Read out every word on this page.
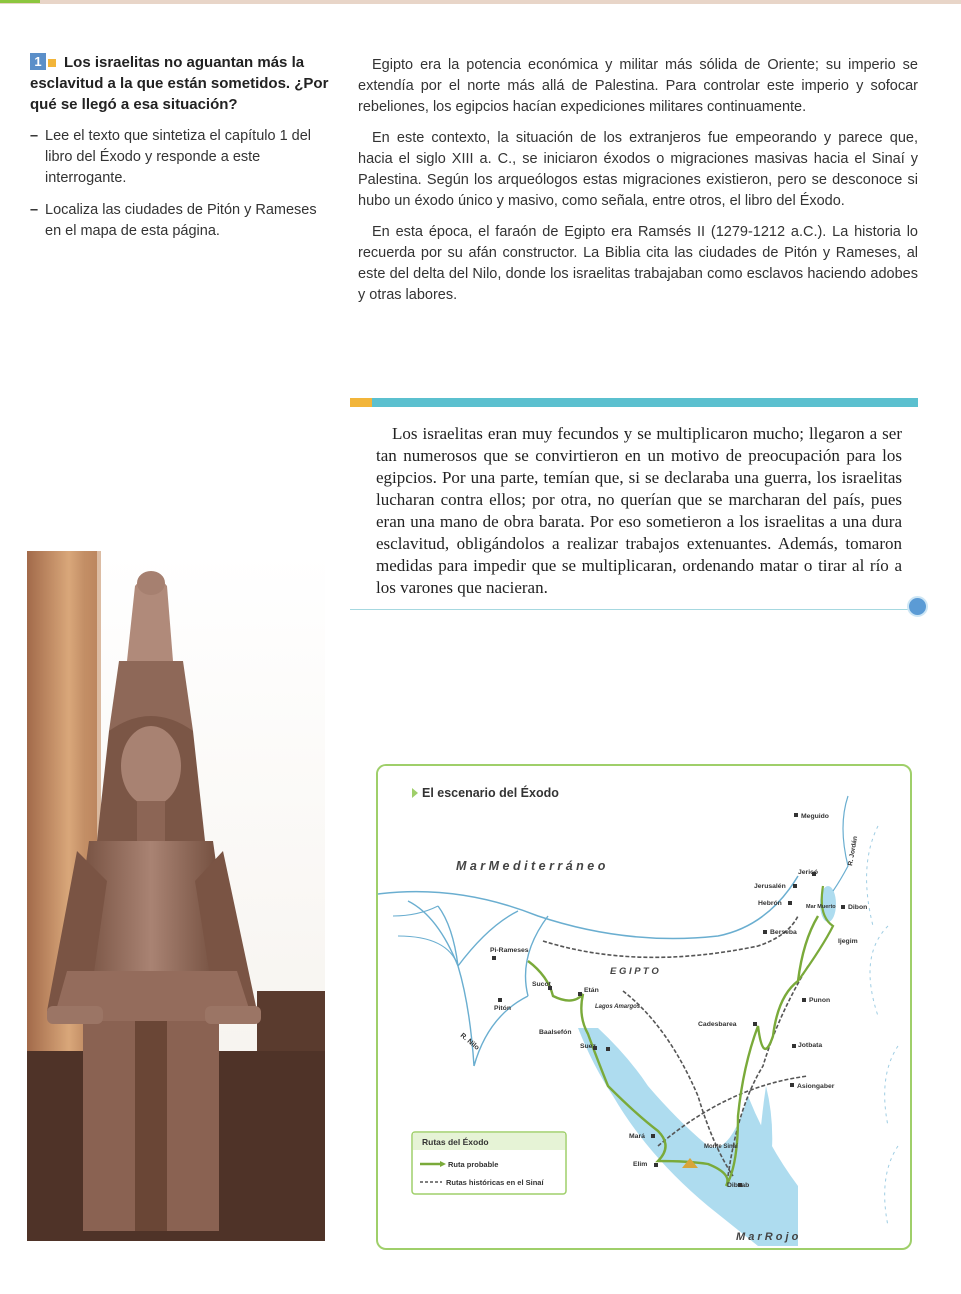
1 Los israelitas no aguantan más la esclavitud a la que están sometidos. ¿Por qué se llegó a esa situación?
– Lee el texto que sintetiza el capítulo 1 del libro del Éxodo y responde a este interrogante.
– Localiza las ciudades de Pitón y Rameses en el mapa de esta página.

Egipto era la potencia económica y militar más sólida de Oriente; su imperio se extendía por el norte más allá de Palestina. Para controlar este imperio y sofocar rebeliones, los egipcios hacían expediciones militares continuamente.

En este contexto, la situación de los extranjeros fue empeorando y parece que, hacia el siglo XIII a. C., se iniciaron éxodos o migraciones masivas hacia el Sinaí y Palestina. Según los arqueólogos estas migraciones existieron, pero se desconoce si hubo un éxodo único y masivo, como señala, entre otros, el libro del Éxodo.

En esta época, el faraón de Egipto era Ramsés II (1279-1212 a.C.). La historia lo recuerda por su afán constructor. La Biblia cita las ciudades de Pitón y Rameses, al este del delta del Nilo, donde los israelitas trabajaban como esclavos haciendo adobes y otras labores.

Los israelitas eran muy fecundos y se multiplicaron mucho; llegaron a ser tan numerosos que se convirtieron en un motivo de preocupación para los egipcios. Por una parte, temían que, si se declaraba una guerra, los israelitas lucharan contra ellos; por otra, no querían que se marcharan del país, pues eran una mano de obra barata. Por eso sometieron a los israelitas a una dura esclavitud, obligándolos a realizar trabajos extenuantes. Además, tomaron medidas para impedir que se multiplicaran, ordenando matar o tirar al río a los varones que nacieran.

El escenario del Éxodo
M a r M e d i t e r r á n e o
M a r R o j o
E G I P T O
R. Nilo
R. Jordán
Meguido
Jericó
Jerusalén
Hebrón	Mar Muerto Dibon
Berseba
Ijegim
Pi-Rameses
Sucot
Etán
Pitón	Lagos Amargos
Baalsefón
Suez
Cadesbarea
Punon
Jotbata
Asiongaber
Mará
Elim
Monte Sinaí
Dibzab
Rutas del Éxodo
Ruta probable
Rutas históricas en el Sinaí
